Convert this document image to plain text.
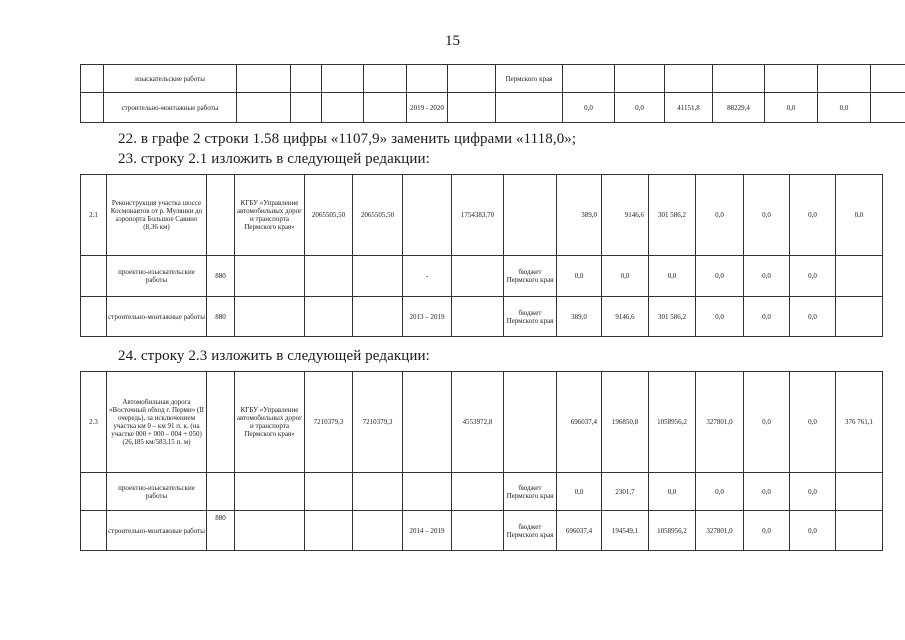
15
	изыскательские работы							Пермского края							
	строительно-монтажные работы					2019 - 2020			0,0	0,0	41151,8	88229,4	0,0	0,0	
22. в графе 2 строки 1.58 цифры «1107,9» заменить цифрами «1118,0»;
23. строку 2.1 изложить в следующей редакции:
2.1	Реконструкция участка шоссе Космонавтов от р. Мулянки до аэропорта Большое Савино (8,36 км)		КГБУ «Управление автомобильных дорог и транспорта Пермского края»	2065505,50	2065505,50		1754383,70		389,0	9146,6	301 586,2	0,0	0,0	0,0	0,0
	проектно-изыскательские работы	880				-		бюджет Пермского края	0,0	0,0	0,0	0,0	0,0	0,0	
	строительно-монтажные работы	880				2013 – 2019		бюджет Пермского края	389,0	9146,6	301 586,2	0,0	0,0	0,0	
24. строку 2.3 изложить в следующей редакции:
2.3	Автомобильная дорога «Восточный обход г. Перми» (II очередь), за исключением участка км 0 – км 91 п. к. (на участке 000 + 000 – 004 + 050) (26,185 км/583,15 п. м)		КГБУ «Управление автомобильных дорог и транспорта Пермского края»	7210379,3	7210379,3		4553972,8		696037,4	196850,8	1058956,2	327801,0	0,0	0,0	376 761,1
	проектно-изыскательские работы							бюджет Пермского края	0,0	2301,7	0,0	0,0	0,0	0,0	
	строительно-монтажные работы	880				2014 – 2019		бюджет Пермского края	696037,4	194549,1	1058956,2	327801,0	0,0	0,0	
